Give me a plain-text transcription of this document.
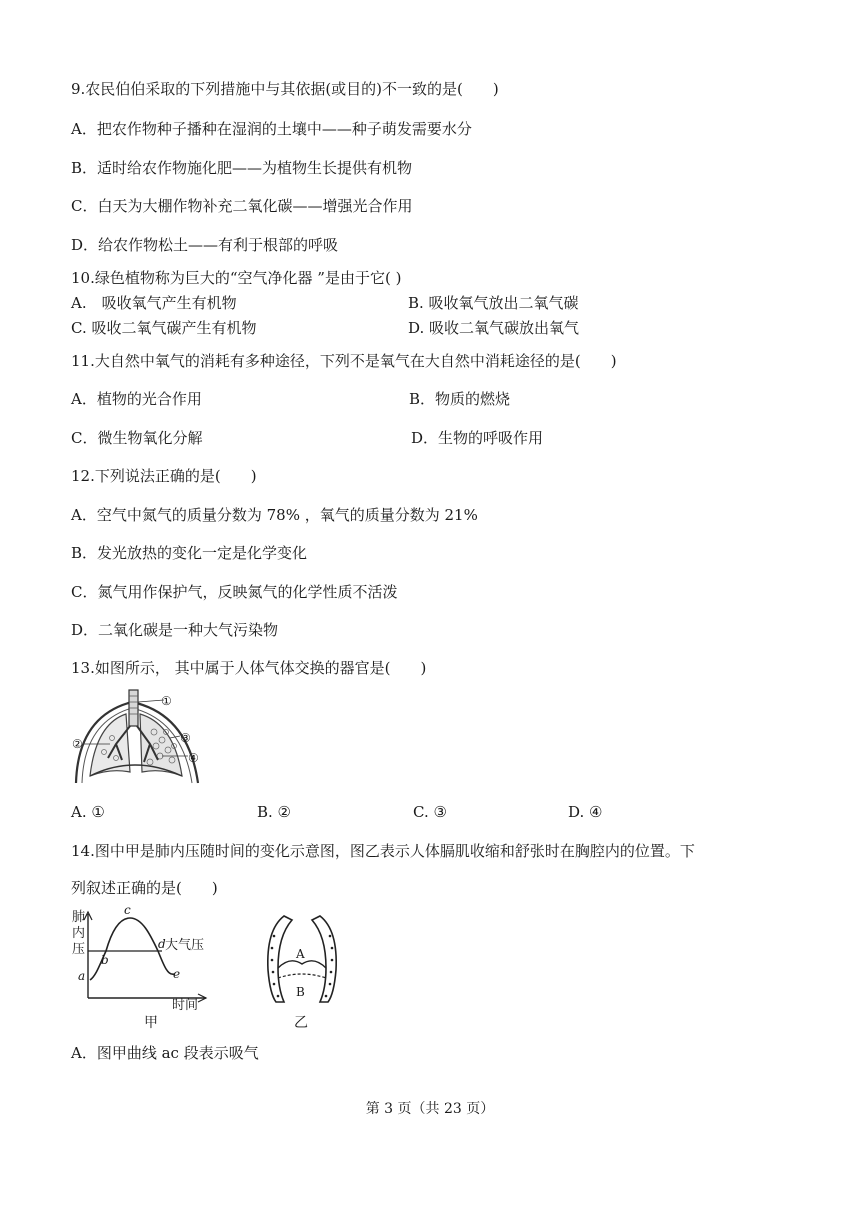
9.农民伯伯采取的下列措施中与其依据(或目的)不一致的是(　　)
A．把农作物种子播种在湿润的土壤中——种子萌发需要水分
B．适时给农作物施化肥——为植物生长提供有机物
C．白天为大棚作物补充二氧化碳——增强光合作用
D．给农作物松土——有利于根部的呼吸
10.绿色植物称为巨大的“空气净化器 ”是由于它( )
A.　吸收氧气产生有机物	B. 吸收氧气放出二氧气碳
C. 吸收二氧气碳产生有机物	D. 吸收二氧气碳放出氧气
11.大自然中氧气的消耗有多种途径，下列不是氧气在大自然中消耗途径的是(　　)
A．植物的光合作用	B．物质的燃烧
C．微生物氧化分解	D．生物的呼吸作用
12.下列说法正确的是(　　)
A．空气中氮气的质量分数为 78% ，氧气的质量分数为 21%
B．发光放热的变化一定是化学变化
C．氮气用作保护气，反映氮气的化学性质不活泼
D．二氧化碳是一种大气污染物
13.如图所示， 其中属于人体气体交换的器官是(　　)
①
②	③
④
A. ①	B. ②	C. ③	D. ④
14.图中甲是肺内压随时间的变化示意图，图乙表示人体膈肌收缩和舒张时在胸腔内的位置。下
列叙述正确的是(　　)
肺
内
压
a
b
c
d
e
大气压
时间
甲
A
B
乙
A．图甲曲线 ac 段表示吸气
第 3 页（共 23 页）
